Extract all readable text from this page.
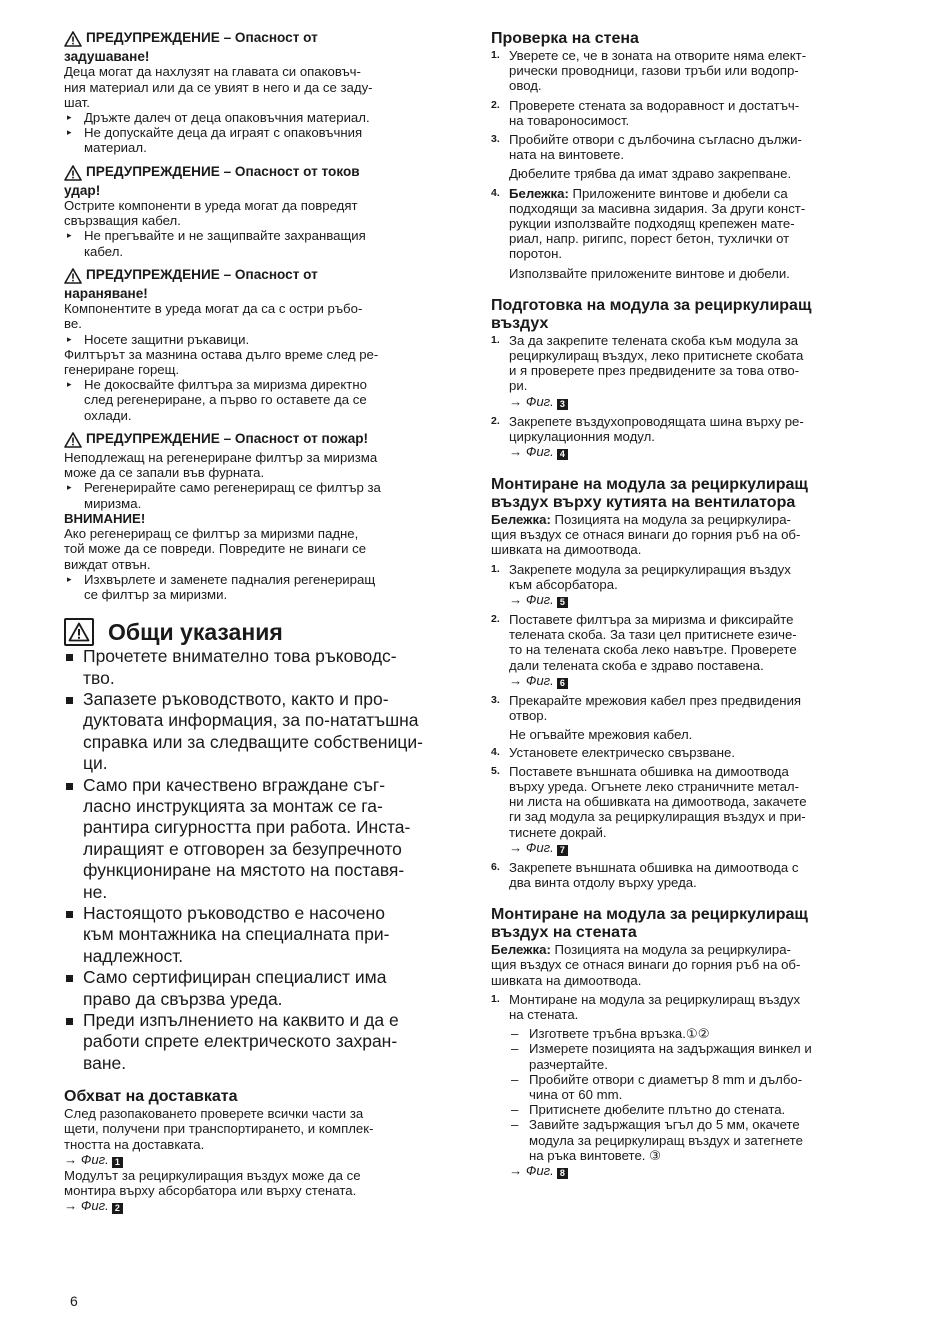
ПРЕДУПРЕЖДЕНИЕ – Опасност от
задушаване!
Деца могат да нахлузят на главата си опаковъч-
ния материал или да се увият в него и да се заду-
шат.
▸ Дръжте далеч от деца опаковъчния материал.
▸ Не допускайте деца да играят с опаковъчния
материал.
ПРЕДУПРЕЖДЕНИЕ – Опасност от токов
удар!
Острите компоненти в уреда могат да повредят
свързващия кабел.
▸ Не прегъвайте и не защипвайте захранващия
кабел.
ПРЕДУПРЕЖДЕНИЕ – Опасност от
нараняване!
Компонентите в уреда могат да са с остри ръбо-
ве.
▸ Носете защитни ръкавици.
Филтърът за мазнина остава дълго време след ре-
генериране горещ.
▸ Не докосвайте филтъра за миризма директно
след регенериране, а първо го оставете да се
охлади.
ПРЕДУПРЕЖДЕНИЕ – Опасност от пожар!
Неподлежащ на регенериране филтър за миризма
може да се запали във фурната.
▸ Регенерирайте само регенериращ се филтър за
миризма.
ВНИМАНИЕ!
Ако регенериращ се филтър за миризми падне,
той може да се повреди. Повредите не винаги се
виждат отвън.
▸ Изхвърлете и заменете падналия регенериращ
се филтър за миризми.
Общи указания
Прочетете внимателно това ръководс-
тво.
Запазете ръководството, както и про-
дуктовата информация, за по-нататъшна
справка или за следващите собственици-
ци.
Само при качествено вграждане съг-
ласно инструкцията за монтаж се га-
рантира сигурността при работа. Инста-
лиращият е отговорен за безупречното
функциониране на мястото на поставя-
не.
Настоящото ръководство е насочено
към монтажника на специалната при-
надлежност.
Само сертифициран специалист има
право да свързва уреда.
Преди изпълнението на каквито и да е
работи спрете електрическото захран-
ване.
Обхват на доставката
След разопаковането проверете всички части за
щети, получени при транспортирането, и комплек-
тността на доставката.
→ Фиг. 1
Модулът за рециркулиращия въздух може да се
монтира върху абсорбатора или върху стената.
→ Фиг. 2
Проверка на стена
1. Уверете се, че в зоната на отворите няма елект-
рически проводници, газови тръби или водопр-
овод.
2. Проверете стената за водоравност и достатъч-
на товароносимост.
3. Пробийте отвори с дълбочина съгласно дължи-
ната на винтовете.
Дюбелите трябва да имат здраво закрепване.
4. Бележка: Приложените винтове и дюбели са
подходящи за масивна зидария. За други конст-
рукции използвайте подходящ крепежен мате-
риал, напр. ригипс, порест бетон, тухлички от
поротон.
Използвайте приложените винтове и дюбели.
Подготовка на модула за рециркулиращ
въздух
1. За да закрепите теленатa скоба към модула за
рециркулиращ въздух, леко притиснете скобата
и я проверете през предвидените за това отво-
ри.
→ Фиг. 3
2. Закрепете въздухопроводящата шина върху ре-
циркулационния модул.
→ Фиг. 4
Монтиране на модула за рециркулиращ
въздух върху кутията на вентилатора
Бележка: Позицията на модула за рециркулира-
щия въздух се отнася винаги до горния ръб на об-
шивката на димоотвода.
1. Закрепете модула за рециркулиращия въздух
към абсорбатора.
→ Фиг. 5
2. Поставете филтъра за миризма и фиксирайте
теленатa скоба. За тази цел притиснете езиче-
то на теленатa скоба леко навътре. Проверете
дали теленатa скоба е здраво поставена.
→ Фиг. 6
3. Прекарайте мрежовия кабел през предвидения
отвор.
Не огъвайте мрежовия кабел.
4. Установете електрическо свързване.
5. Поставете външната обшивка на димоотвода
върху уреда. Огънете леко страничните метал-
ни листа на обшивката на димоотвода, закачете
ги зад модула за рециркулиращия въздух и при-
тиснете докрай.
→ Фиг. 7
6. Закрепете външната обшивка на димоотвода с
два винта отдолу върху уреда.
Монтиране на модула за рециркулиращ
въздух на стената
Бележка: Позицията на модула за рециркулира-
щия въздух се отнася винаги до горния ръб на об-
шивката на димоотвода.
1. Монтиране на модула за рециркулиращ въздух
на стената.
– Изгответе тръбна връзка.①②
– Измерете позицията на задържащия винкел и
разчертайте.
– Пробийте отвори с диаметър 8 mm и дълбо-
чина от 60 mm.
– Притиснете дюбелите плътно до стената.
– Завийте задържащия ъгъл до 5 мм, окачете
модула за рециркулиращ въздух и затегнете
на ръка винтовете. ③
→ Фиг. 8
6
